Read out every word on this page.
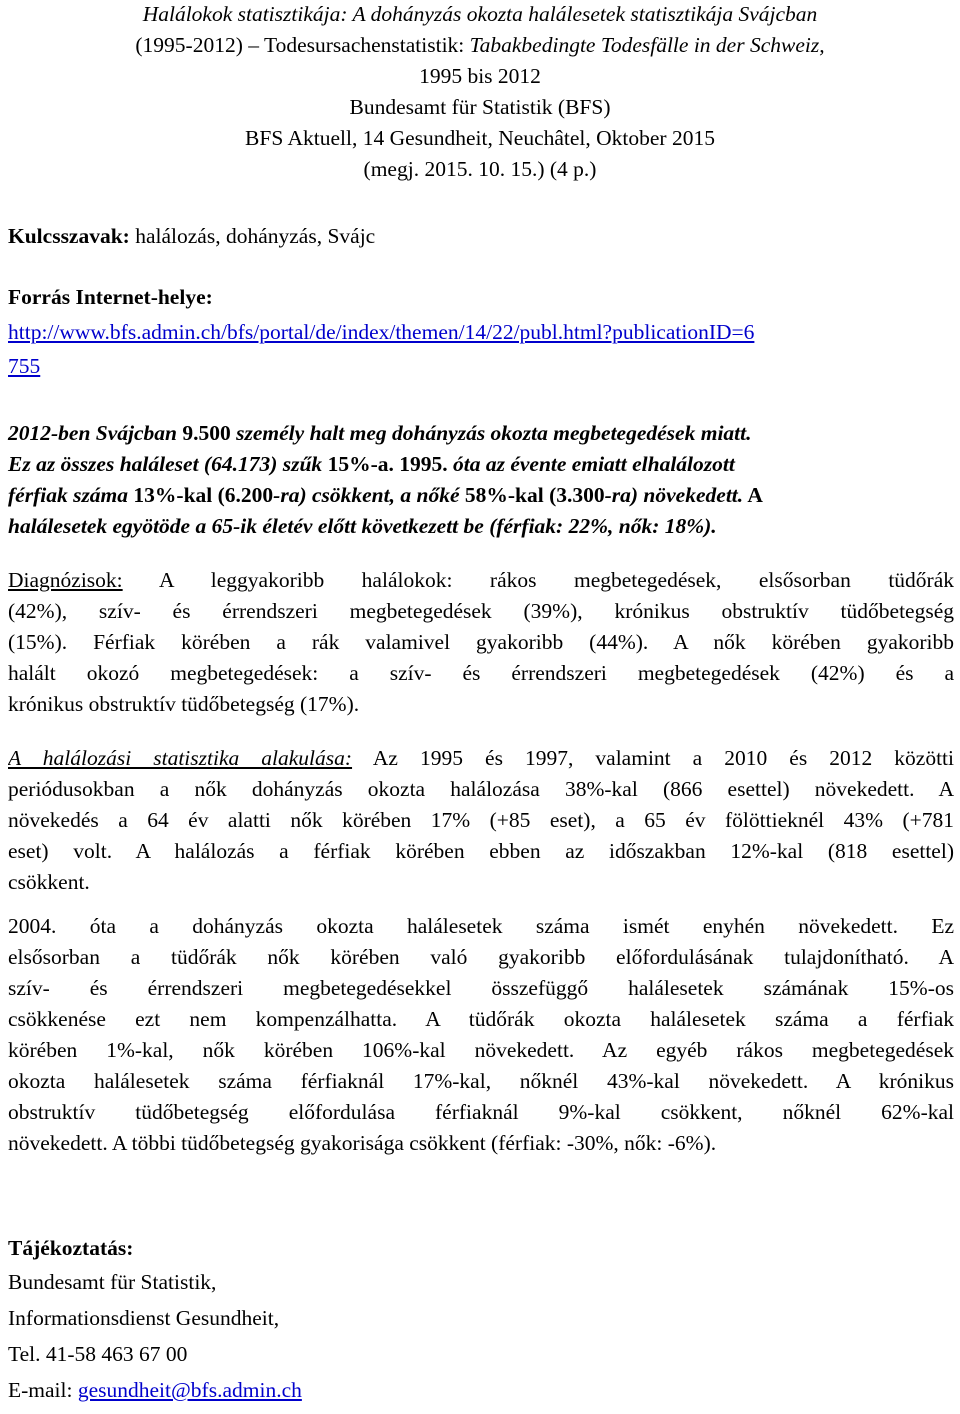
Halálokok statisztikája: A dohányzás okozta halálesetek statisztikája Svájcban
(1995-2012) – Todesursachenstatistik: Tabakbedingte Todesfälle in der Schweiz,
1995 bis 2012
Bundesamt für Statistik (BFS)
BFS Aktuell, 14 Gesundheit, Neuchâtel, Oktober 2015
(megj. 2015. 10. 15.) (4 p.)
Kulcsszavak: halálozás, dohányzás, Svájc
Forrás Internet-helye:
http://www.bfs.admin.ch/bfs/portal/de/index/themen/14/22/publ.html?publicationID=6
755
2012-ben Svájcban 9.500 személy halt meg dohányzás okozta megbetegedések miatt.
Ez az összes haláleset (64.173) szűk 15%-a. 1995. óta az évente emiatt elhalálozott
férfiak száma 13%-kal (6.200-ra) csökkent, a nőké 58%-kal (3.300-ra) növekedett. A
halálesetek egyötöde a 65-ik életév előtt következett be (férfiak: 22%, nők: 18%).
Diagnózisok: A leggyakoribb halálokok: rákos megbetegedések, elsősorban tüdőrák
(42%), szív- és érrendszeri megbetegedések (39%), krónikus obstruktív tüdőbetegség
(15%). Férfiak körében a rák valamivel gyakoribb (44%). A nők körében gyakoribb
halált okozó megbetegedések: a szív- és érrendszeri megbetegedések (42%) és a
krónikus obstruktív tüdőbetegség (17%).
A halálozási statisztika alakulása: Az 1995 és 1997, valamint a 2010 és 2012 közötti
periódusokban a nők dohányzás okozta halálozása 38%-kal (866 esettel) növekedett. A
növekedés a 64 év alatti nők körében 17% (+85 eset), a 65 év fölöttieknél 43% (+781
eset) volt. A halálozás a férfiak körében ebben az időszakban 12%-kal (818 esettel)
csökkent.
2004. óta a dohányzás okozta halálesetek száma ismét enyhén növekedett. Ez
elsősorban a tüdőrák nők körében való gyakoribb előfordulásának tulajdonítható. A
szív- és érrendszeri megbetegedésekkel összefüggő halálesetek számának 15%-os
csökkenése ezt nem kompenzálhatta. A tüdőrák okozta halálesetek száma a férfiak
körében 1%-kal, nők körében 106%-kal növekedett. Az egyéb rákos megbetegedések
okozta halálesetek száma férfiaknál 17%-kal, nőknél 43%-kal növekedett. A krónikus
obstruktív tüdőbetegség előfordulása férfiaknál 9%-kal csökkent, nőknél 62%-kal
növekedett. A többi tüdőbetegség gyakorisága csökkent (férfiak: -30%, nők: -6%).
Tájékoztatás:
Bundesamt für Statistik,
Informationsdienst Gesundheit,
Tel. 41-58 463 67 00
E-mail: gesundheit@bfs.admin.ch
